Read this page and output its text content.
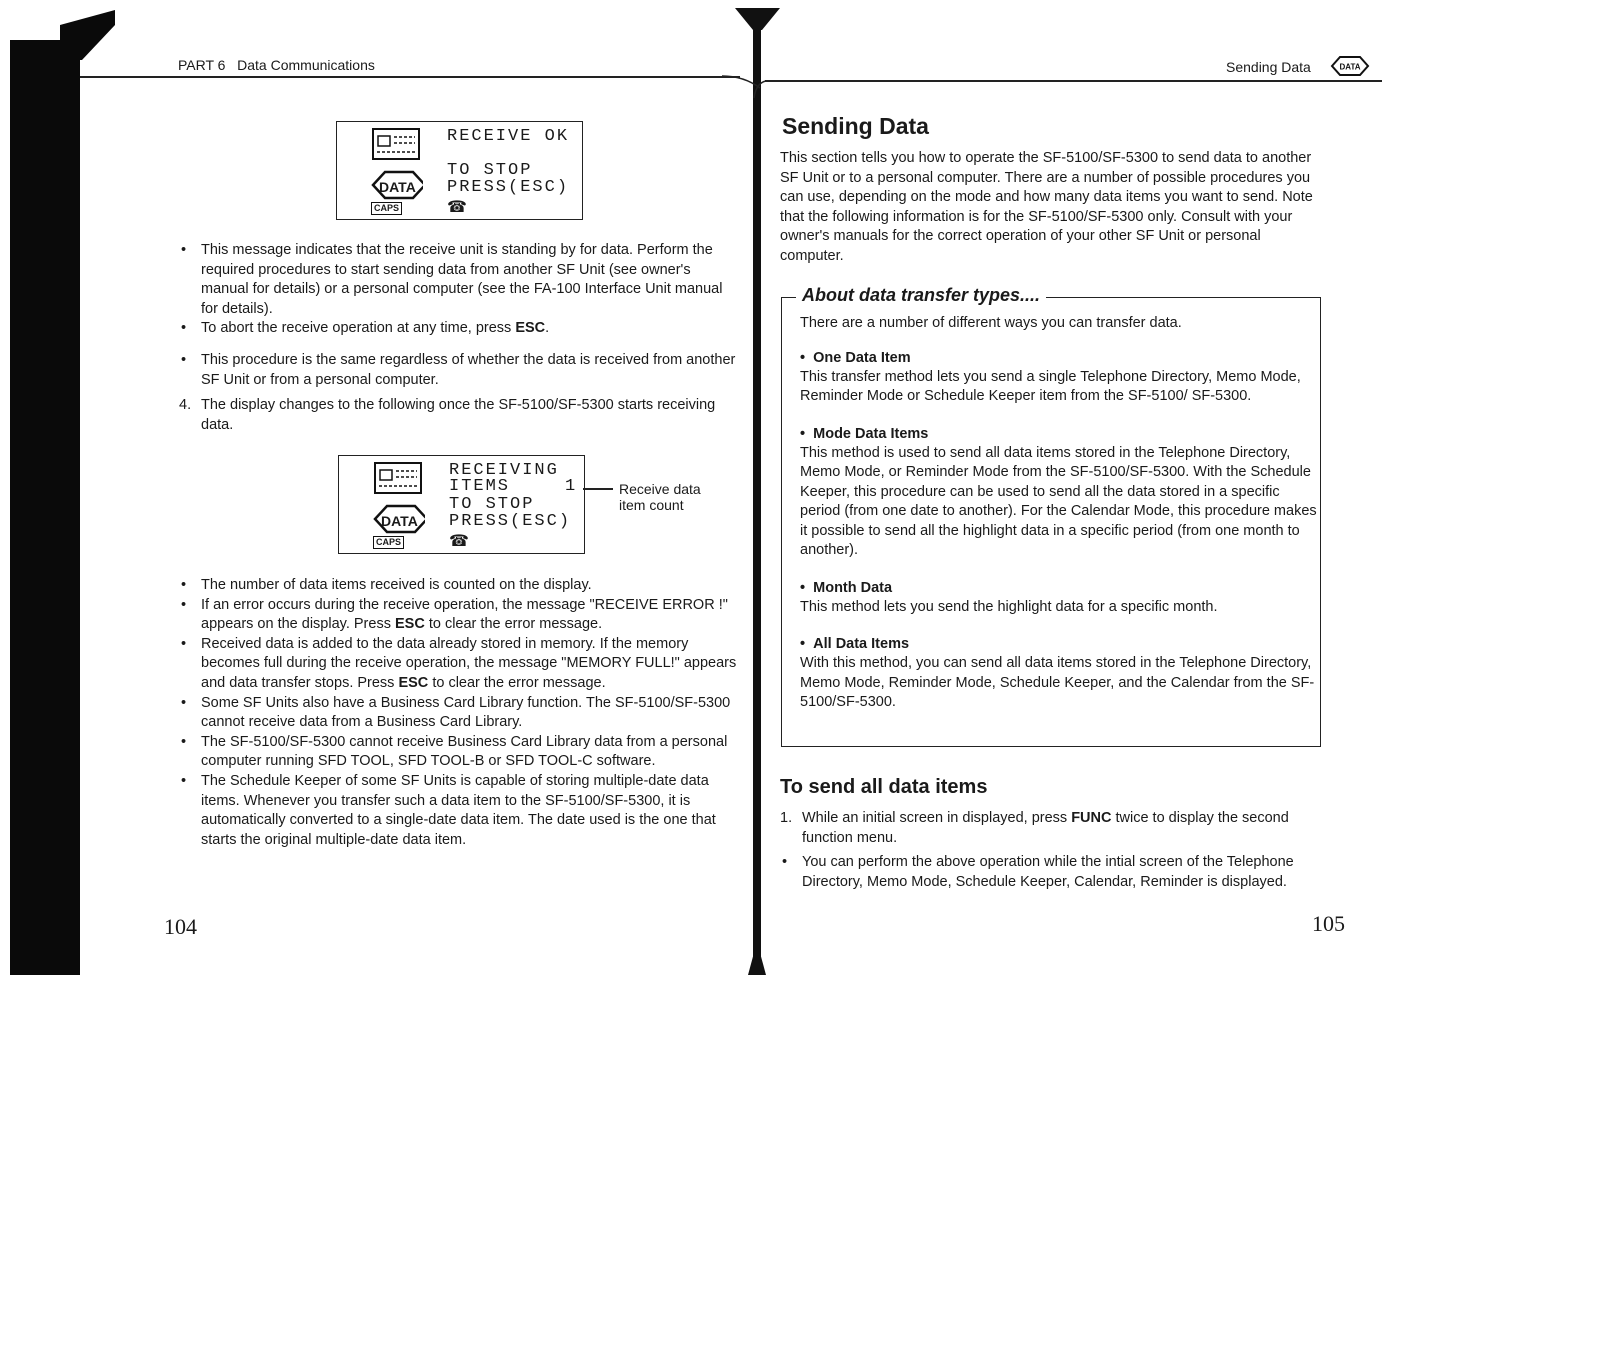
PART 6 Data Communications
DATA
CAPS	☎
RECEIVE OK
TO STOP
PRESS(ESC)
• This message indicates that the receive unit is standing by for data. Perform the required procedures to start sending data from another SF Unit (see owner's manual for details) or a personal computer (see the FA-100 Interface Unit manual for details).
• To abort the receive operation at any time, press ESC.
• This procedure is the same regardless of whether the data is received from another SF Unit or from a personal computer.
4. The display changes to the following once the SF-5100/SF-5300 starts receiving data.
DATA
CAPS	☎
RECEIVING
ITEMS	1
TO STOP
PRESS(ESC)
Receive data item count
• The number of data items received is counted on the display.
• If an error occurs during the receive operation, the message "RECEIVE ERROR !" appears on the display. Press ESC to clear the error message.
• Received data is added to the data already stored in memory. If the memory becomes full during the receive operation, the message "MEMORY FULL!" appears and data transfer stops. Press ESC to clear the error message.
• Some SF Units also have a Business Card Library function. The SF-5100/SF-5300 cannot receive data from a Business Card Library.
• The SF-5100/SF-5300 cannot receive Business Card Library data from a personal computer running SFD TOOL, SFD TOOL-B or SFD TOOL-C software.
• The Schedule Keeper of some SF Units is capable of storing multiple-date data items. Whenever you transfer such a data item to the SF-5100/SF-5300, it is automatically converted to a single-date data item. The date used is the one that starts the original multiple-date data item.
104
Sending Data	DATA
Sending Data

This section tells you how to operate the SF-5100/SF-5300 to send data to another SF Unit or to a personal computer. There are a number of possible procedures you can use, depending on the mode and how many data items you want to send. Note that the following information is for the SF-5100/SF-5300 only. Consult with your owner's manuals for the correct operation of your other SF Unit or personal computer.

About data transfer types....
There are a number of different ways you can transfer data.
•  One Data Item
This transfer method lets you send a single Telephone Directory, Memo Mode, Reminder Mode or Schedule Keeper item from the SF-5100/ SF-5300.
•  Mode Data Items
This method is used to send all data items stored in the Telephone Directory, Memo Mode, or Reminder Mode from the SF-5100/SF-5300. With the Schedule Keeper, this procedure can be used to send all the data stored in a specific period (from one date to another). For the Calendar Mode, this procedure makes it possible to send all the highlight data in a specific period (from one month to another).
•  Month Data
This method lets you send the highlight data for a specific month.
•  All Data Items
With this method, you can send all data items stored in the Telephone Directory, Memo Mode, Reminder Mode, Schedule Keeper, and the Calendar from the SF-5100/SF-5300.
To send all data items
1. While an initial screen in displayed, press FUNC twice to display the second function menu.
• You can perform the above operation while the intial screen of the Telephone Directory, Memo Mode, Schedule Keeper, Calendar, Reminder is displayed.
105
